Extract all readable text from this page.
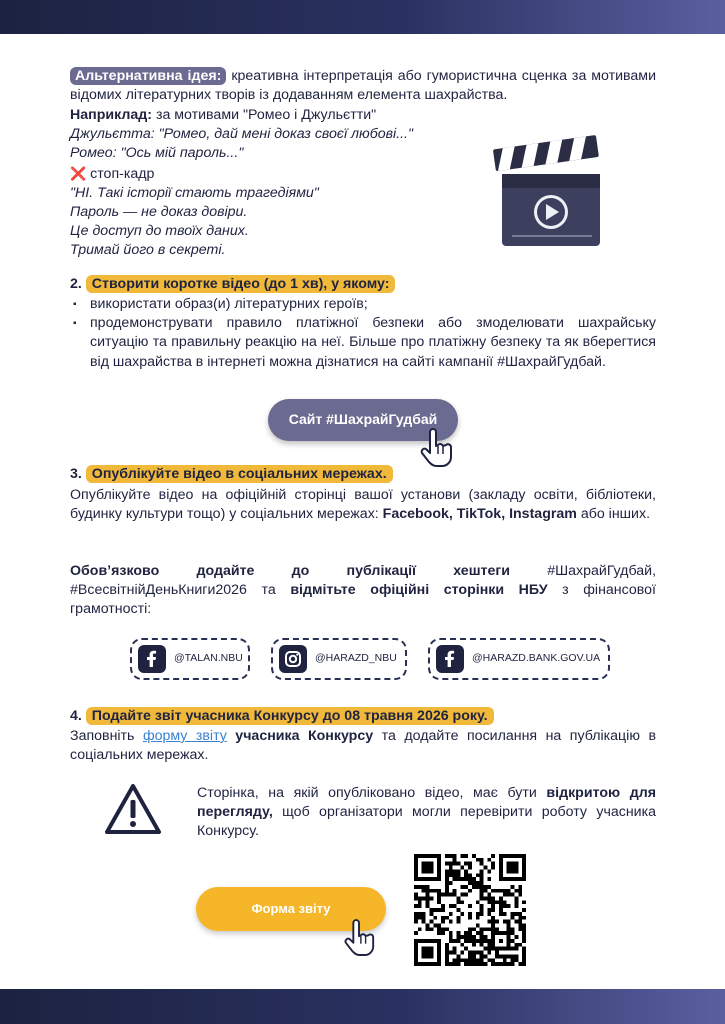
Альтернативна ідея: креативна інтерпретація або гумористична сценка за мотивами відомих літературних творів із додаванням елемента шахрайства.
Наприклад: за мотивами "Ромео і Джульєтти"
Джульєтта: "Ромео, дай мені доказ своєї любові..."
Ромео: "Ось мій пароль..."
❌ стоп-кадр
"НІ. Такі історії стають трагедіями"
Пароль — не доказ довіри.
Це доступ до твоїх даних.
Тримай його в секреті.
2. Створити коротке відео (до 1 хв), у якому:
▪ використати образ(и) літературних героїв;
▪ продемонструвати правило платіжної безпеки або змоделювати шахрайську ситуацію та правильну реакцію на неї. Більше про платіжну безпеку та як вберегтися від шахрайства в інтернеті можна дізнатися на сайті кампанії #ШахрайГудбай.
Сайт #ШахрайГудбай
3. Опублікуйте відео в соціальних мережах.
Опублікуйте відео на офіційній сторінці вашої установи (закладу освіти, бібліотеки, будинку культури тощо) у соціальних мережах: Facebook, TikTok, Instagram або інших.
Обов’язково додайте до публікації хештеги #ШахрайГудбай, #ВсесвітнійДеньКниги2026 та відмітьте офіційні сторінки НБУ з фінансової грамотності:
@TALAN.NBU	@HARAZD_NBU	@HARAZD.BANK.GOV.UA
4. Подайте звіт учасника Конкурсу до 08 травня 2026 року.
Заповніть форму звіту учасника Конкурсу та додайте посилання на публікацію в соціальних мережах.
Сторінка, на якій опубліковано відео, має бути відкритою для перегляду, щоб організатори могли перевірити роботу учасника Конкурсу.
Форма звіту
